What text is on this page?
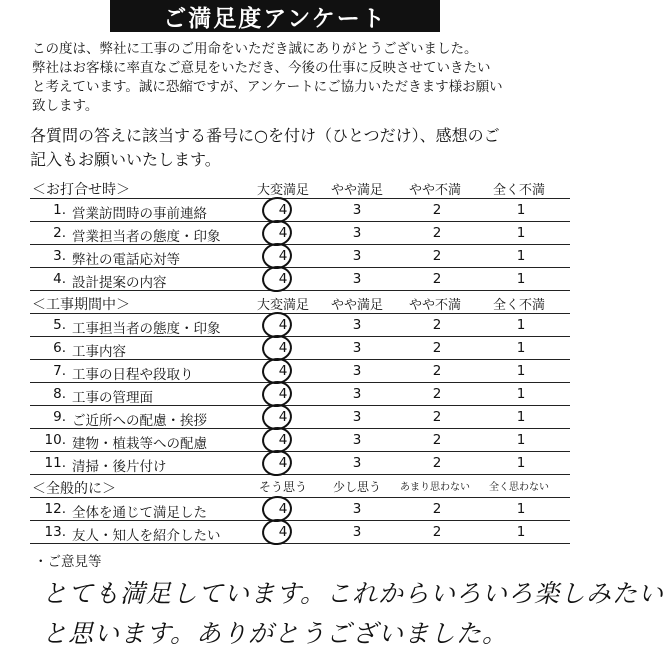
ご満足度アンケート
この度は、弊社に工事のご用命をいただき誠にありがとうございました。
弊社はお客様に率直なご意見をいただき、今後の仕事に反映させていきたい
と考えています。誠に恐縮ですが、アンケートにご協力いただきます様お願い
致します。
各質問の答えに該当する番号に○を付け（ひとつだけ）、感想のご
記入もお願いいたします。
＜お打合せ時＞	大変満足	やや満足	やや不満	全く不満
1. 営業訪問時の事前連絡	4	3	2	1
2. 営業担当者の態度・印象	4	3	2	1
3. 弊社の電話応対等	4	3	2	1
4. 設計提案の内容	4	3	2	1
＜工事期間中＞	大変満足	やや満足	やや不満	全く不満
5. 工事担当者の態度・印象	4	3	2	1
6. 工事内容	4	3	2	1
7. 工事の日程や段取り	4	3	2	1
8. 工事の管理面	4	3	2	1
9. ご近所への配慮・挨拶	4	3	2	1
10. 建物・植栽等への配慮	4	3	2	1
11. 清掃・後片付け	4	3	2	1
＜全般的に＞	そう思う	少し思う	あまり思わない	全く思わない
12. 全体を通じて満足した	4	3	2	1
13. 友人・知人を紹介したい	4	3	2	1
・ご意見等
とても満足しています。これからいろいろ楽しみたい
と思います。ありがとうございました。
